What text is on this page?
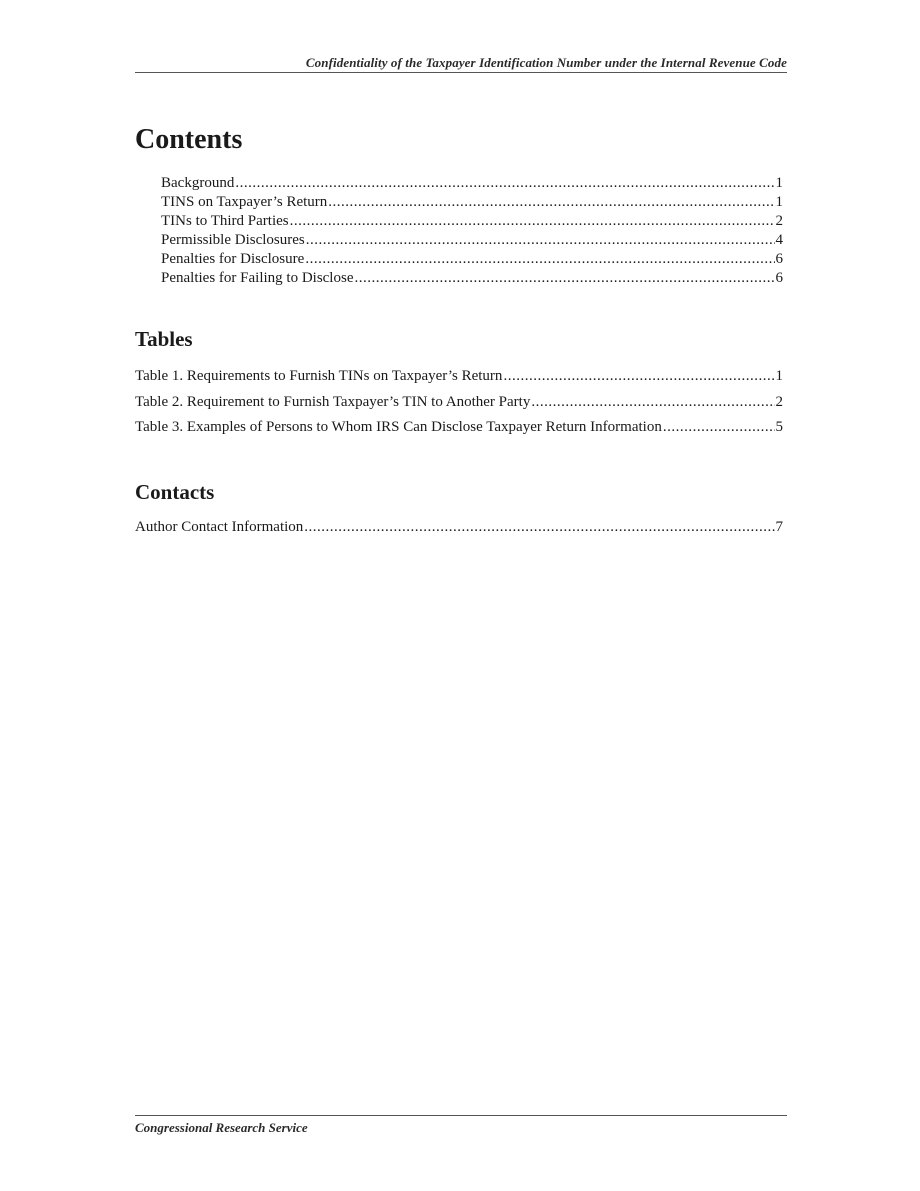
Confidentiality of the Taxpayer Identification Number under the Internal Revenue Code
Contents
Background .....	1
TINS on Taxpayer’s Return .....	1
TINs to Third Parties .....	2
Permissible Disclosures .....	4
Penalties for Disclosure .....	6
Penalties for Failing to Disclose .....	6
Tables
Table 1. Requirements to Furnish TINs on Taxpayer’s Return .....	1
Table 2. Requirement to Furnish Taxpayer’s TIN to Another Party .....	2
Table 3. Examples of Persons to Whom IRS Can Disclose Taxpayer Return Information .....	5
Contacts
Author Contact Information .....	7
Congressional Research Service
